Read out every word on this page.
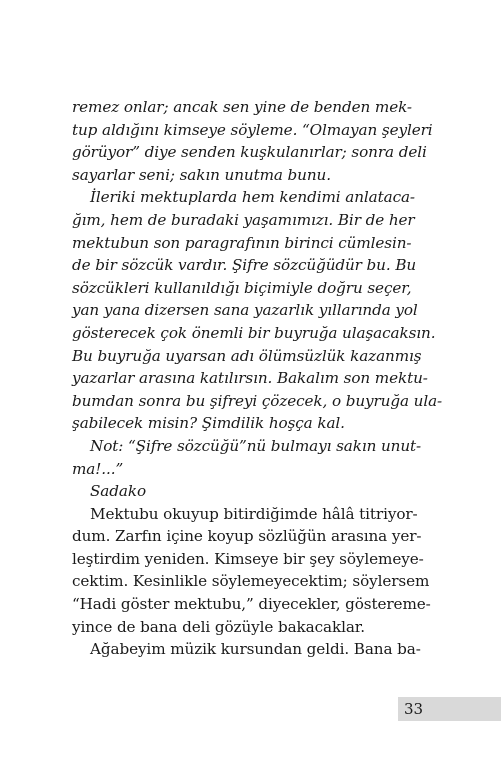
remez onlar; ancak sen yine de benden mek-
tup aldığını kimseye söyleme. “Olmayan şeyleri
görüyor” diye senden kuşkulanırlar; sonra deli
sayarlar seni; sakın unutma bunu.
İleriki mektuplarda hem kendimi anlataca-
ğım, hem de buradaki yaşamımızı. Bir de her
mektubun son paragrafının birinci cümlesin-
de bir sözcük vardır. Şifre sözcüğüdür bu. Bu
sözcükleri kullanıldığı biçimiyle doğru seçer,
yan yana dizersen sana yazarlık yıllarında yol
gösterecek çok önemli bir buyruğa ulaşacaksın.
Bu buyruğa uyarsan adı ölümsüzlük kazanmış
yazarlar arasına katılırsın. Bakalım son mektu-
bumdan sonra bu şifreyi çözecek, o buyruğa ula-
şabilecek misin? Şimdilik hoşça kal.
Not: “Şifre sözcüğü”nü bulmayı sakın unut-
ma!...”
Sadako
Mektubu okuyup bitirdiğimde hâlâ titriyor-
dum. Zarfın içine koyup sözlüğün arasına yer-
leştirdim yeniden. Kimseye bir şey söylemeye-
cektim. Kesinlikle söylemeyecektim; söylersem
“Hadi göster mektubu,” diyecekler, göstereme-
yince de bana deli gözüyle bakacaklar.
Ağabeyim müzik kursundan geldi. Bana ba-
33
